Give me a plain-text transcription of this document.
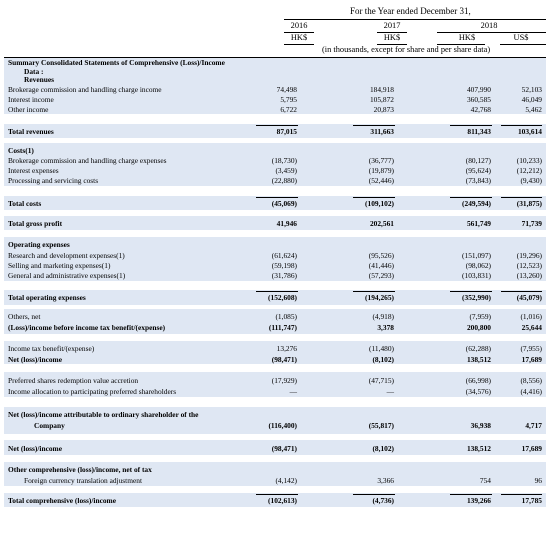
For the Year ended December 31,
2016	2017	2018
HK$	HK$	HK$	US$
(in thousands, except for share and per share data)
Summary Consolidated Statements of Comprehensive (Loss)/Income
Data :
Revenues
Brokerage commission and handling charge income	74,498	184,918	407,990	52,103
Interest income	5,795	105,872	360,585	46,049
Other income	6,722	20,873	42,768	5,462
Total revenues	87,015	311,663	811,343	103,614
Costs(1)
Brokerage commission and handling charge expenses	(18,730)	(36,777)	(80,127)	(10,233)
Interest expenses	(3,459)	(19,879)	(95,624)	(12,212)
Processing and servicing costs	(22,880)	(52,446)	(73,843)	(9,430)
Total costs	(45,069)	(109,102)	(249,594)	(31,875)
Total gross profit	41,946	202,561	561,749	71,739
Operating expenses
Research and development expenses(1)	(61,624)	(95,526)	(151,097)	(19,296)
Selling and marketing expenses(1)	(59,198)	(41,446)	(98,062)	(12,523)
General and administrative expenses(1)	(31,786)	(57,293)	(103,831)	(13,260)
Total operating expenses	(152,608)	(194,265)	(352,990)	(45,079)
Others, net	(1,085)	(4,918)	(7,959)	(1,016)
(Loss)/income before income tax benefit/(expense)	(111,747)	3,378	200,800	25,644
Income tax benefit/(expense)	13,276	(11,480)	(62,288)	(7,955)
Net (loss)/income	(98,471)	(8,102)	138,512	17,689
Preferred shares redemption value accretion	(17,929)	(47,715)	(66,998)	(8,556)
Income allocation to participating preferred shareholders	—	—	(34,576)	(4,416)
Net (loss)/income attributable to ordinary shareholder of the
Company	(116,400)	(55,817)	36,938	4,717
Net (loss)/income	(98,471)	(8,102)	138,512	17,689
Other comprehensive (loss)/income, net of tax
Foreign currency translation adjustment	(4,142)	3,366	754	96
Total comprehensive (loss)/income	(102,613)	(4,736)	139,266	17,785
